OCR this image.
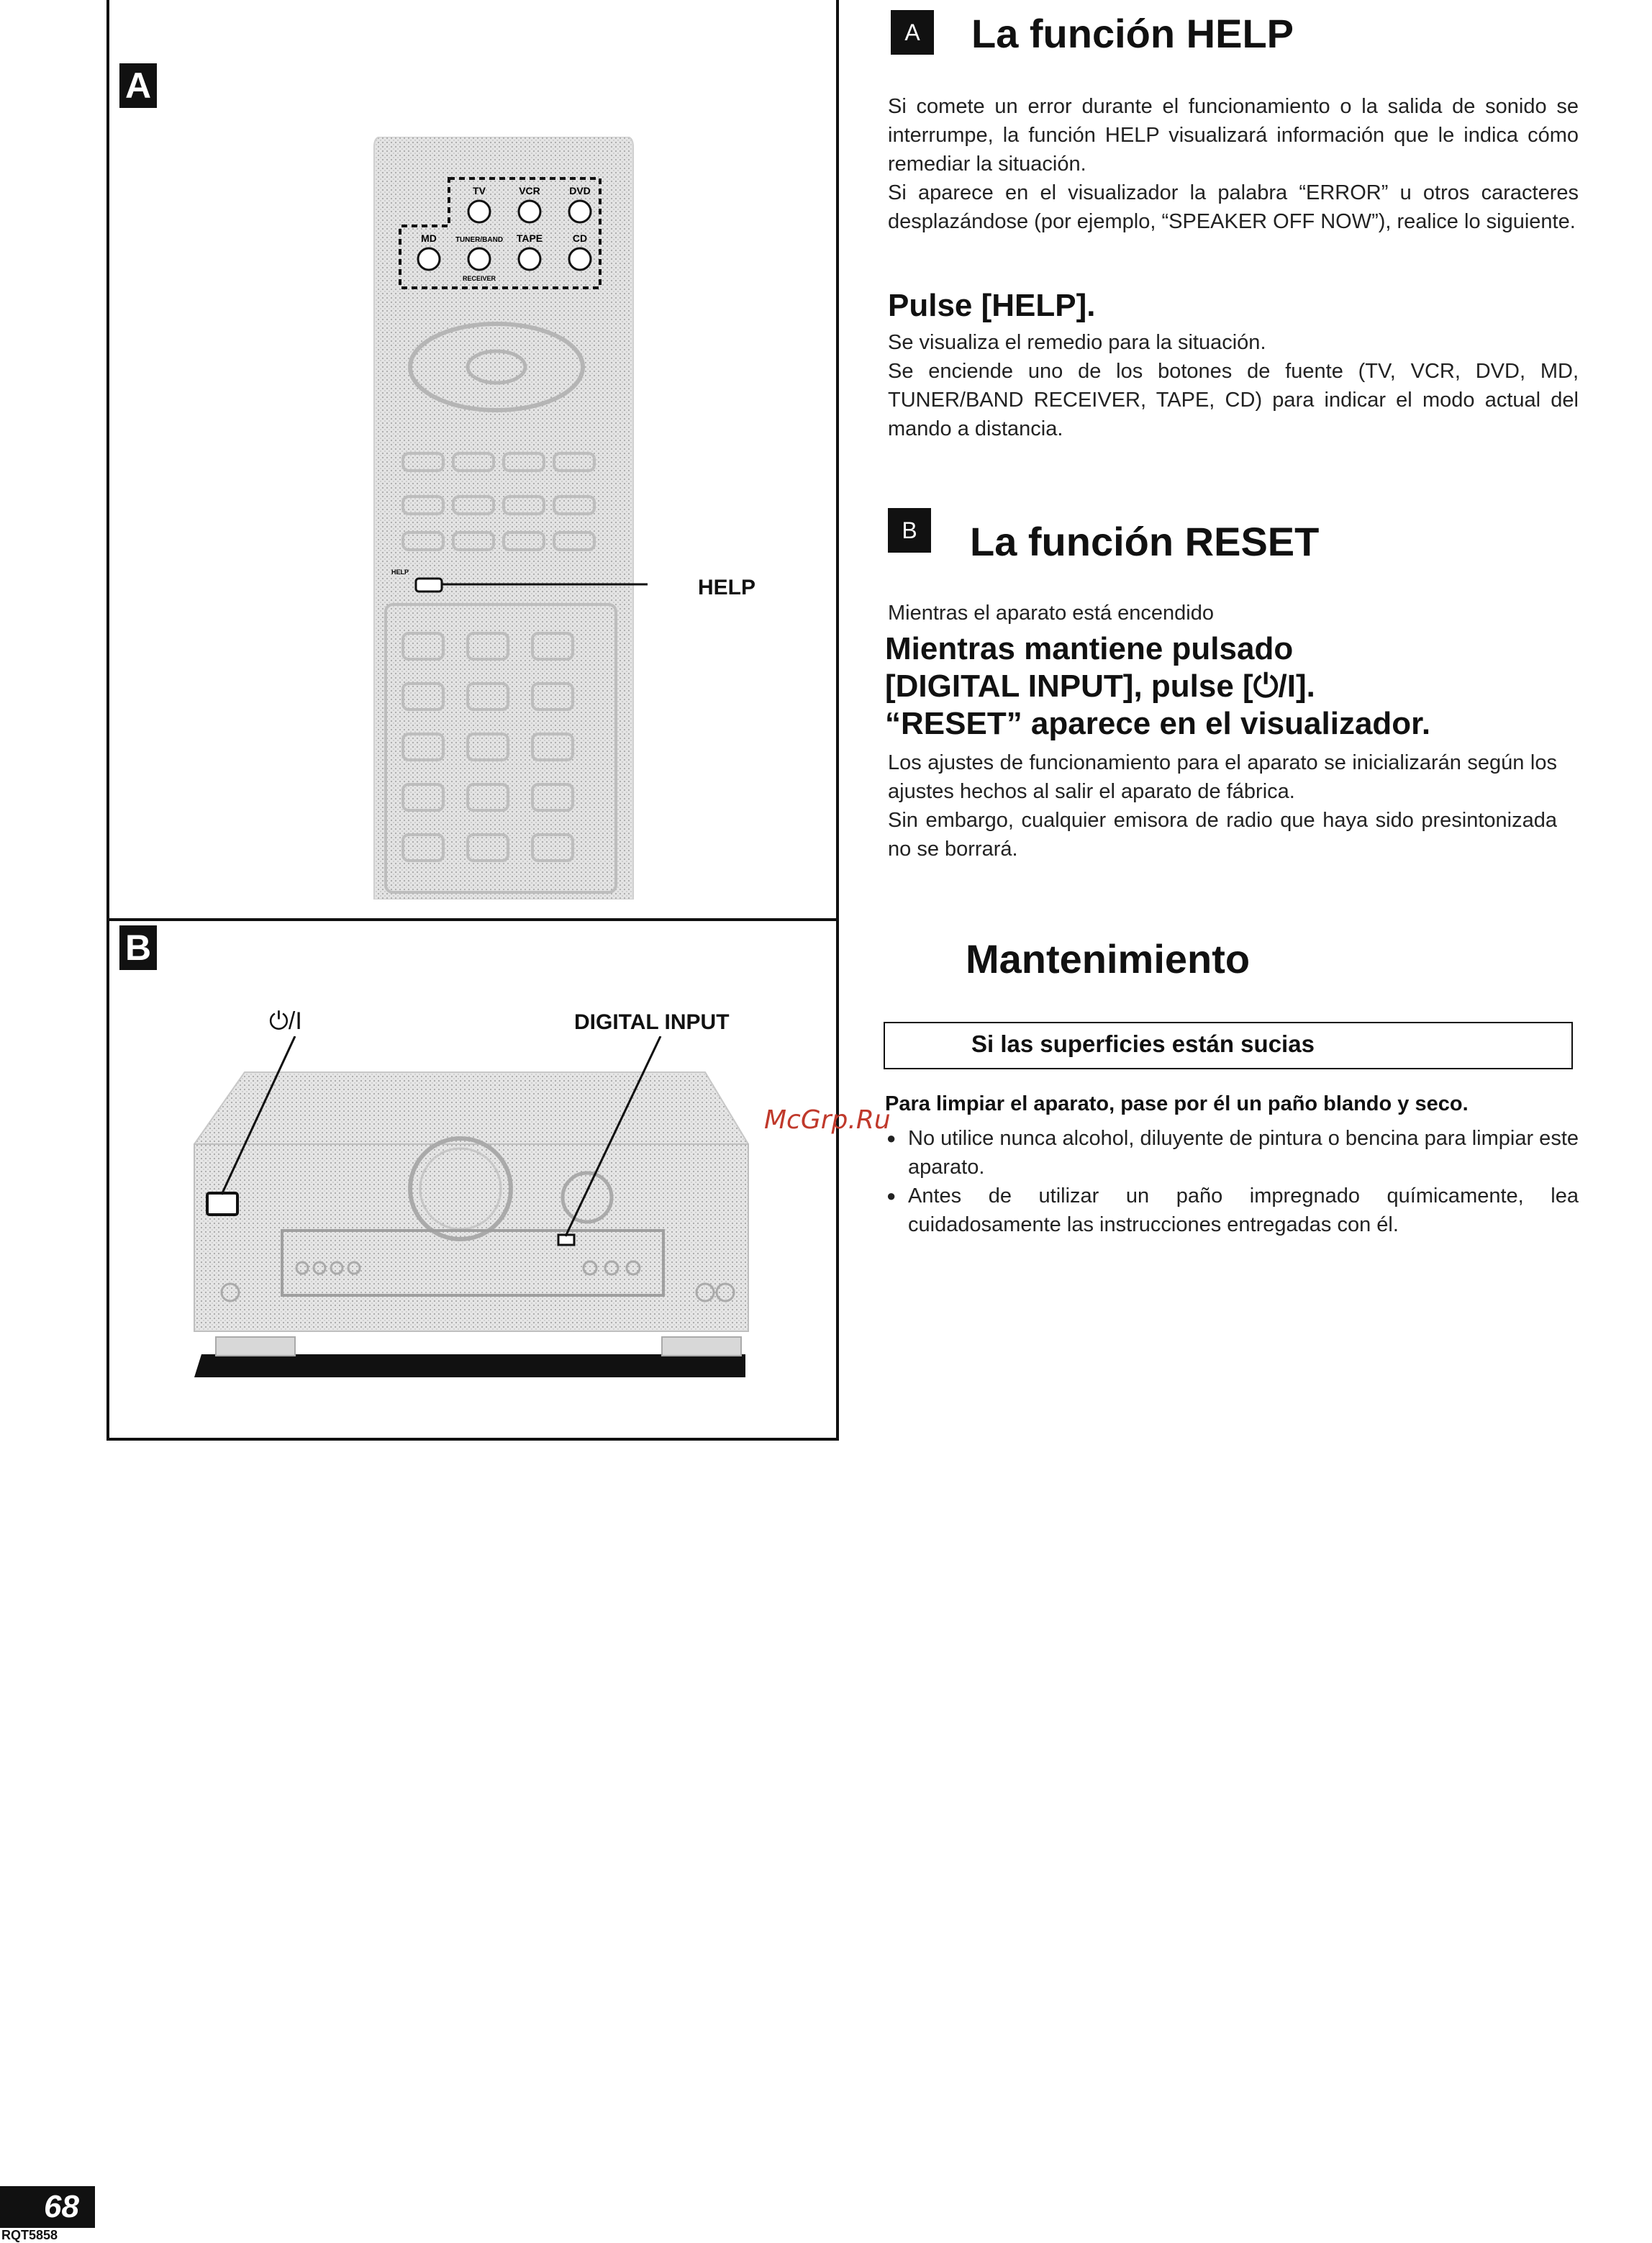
A
B
TV	VCR	DVD
MD	TUNER/BAND
RECEIVER
TAPE	CD
HELP
HELP
⏻/I	DIGITAL INPUT
A	La función HELP
Si comete un error durante el funcionamiento o la salida de sonido se interrumpe, la función HELP visualizará información que le indica cómo remediar la situación.
Si aparece en el visualizador la palabra “ERROR” u otros caracteres desplazándose (por ejemplo, “SPEAKER OFF NOW”), realice lo siguiente.
Pulse [HELP].
Se visualiza el remedio para la situación.
Se enciende uno de los botones de fuente (TV, VCR, DVD, MD, TUNER/BAND RECEIVER, TAPE, CD) para indicar el modo actual del mando a distancia.
B	La función RESET
Mientras el aparato está encendido
Mientras mantiene pulsado
[DIGITAL INPUT], pulse [⏻/I].
“RESET” aparece en el visualizador.
Los ajustes de funcionamiento para el aparato se inicializarán según los ajustes hechos al salir el aparato de fábrica.
Sin embargo, cualquier emisora de radio que haya sido presintonizada no se borrará.
Mantenimiento
Si las superficies están sucias
Para limpiar el aparato, pase por él un paño blando y seco.
● No utilice nunca alcohol, diluyente de pintura o bencina para limpiar este aparato.
● Antes de utilizar un paño impregnado químicamente, lea cuidadosamente las instrucciones entregadas con él.
McGrp.Ru
68
RQT5858
